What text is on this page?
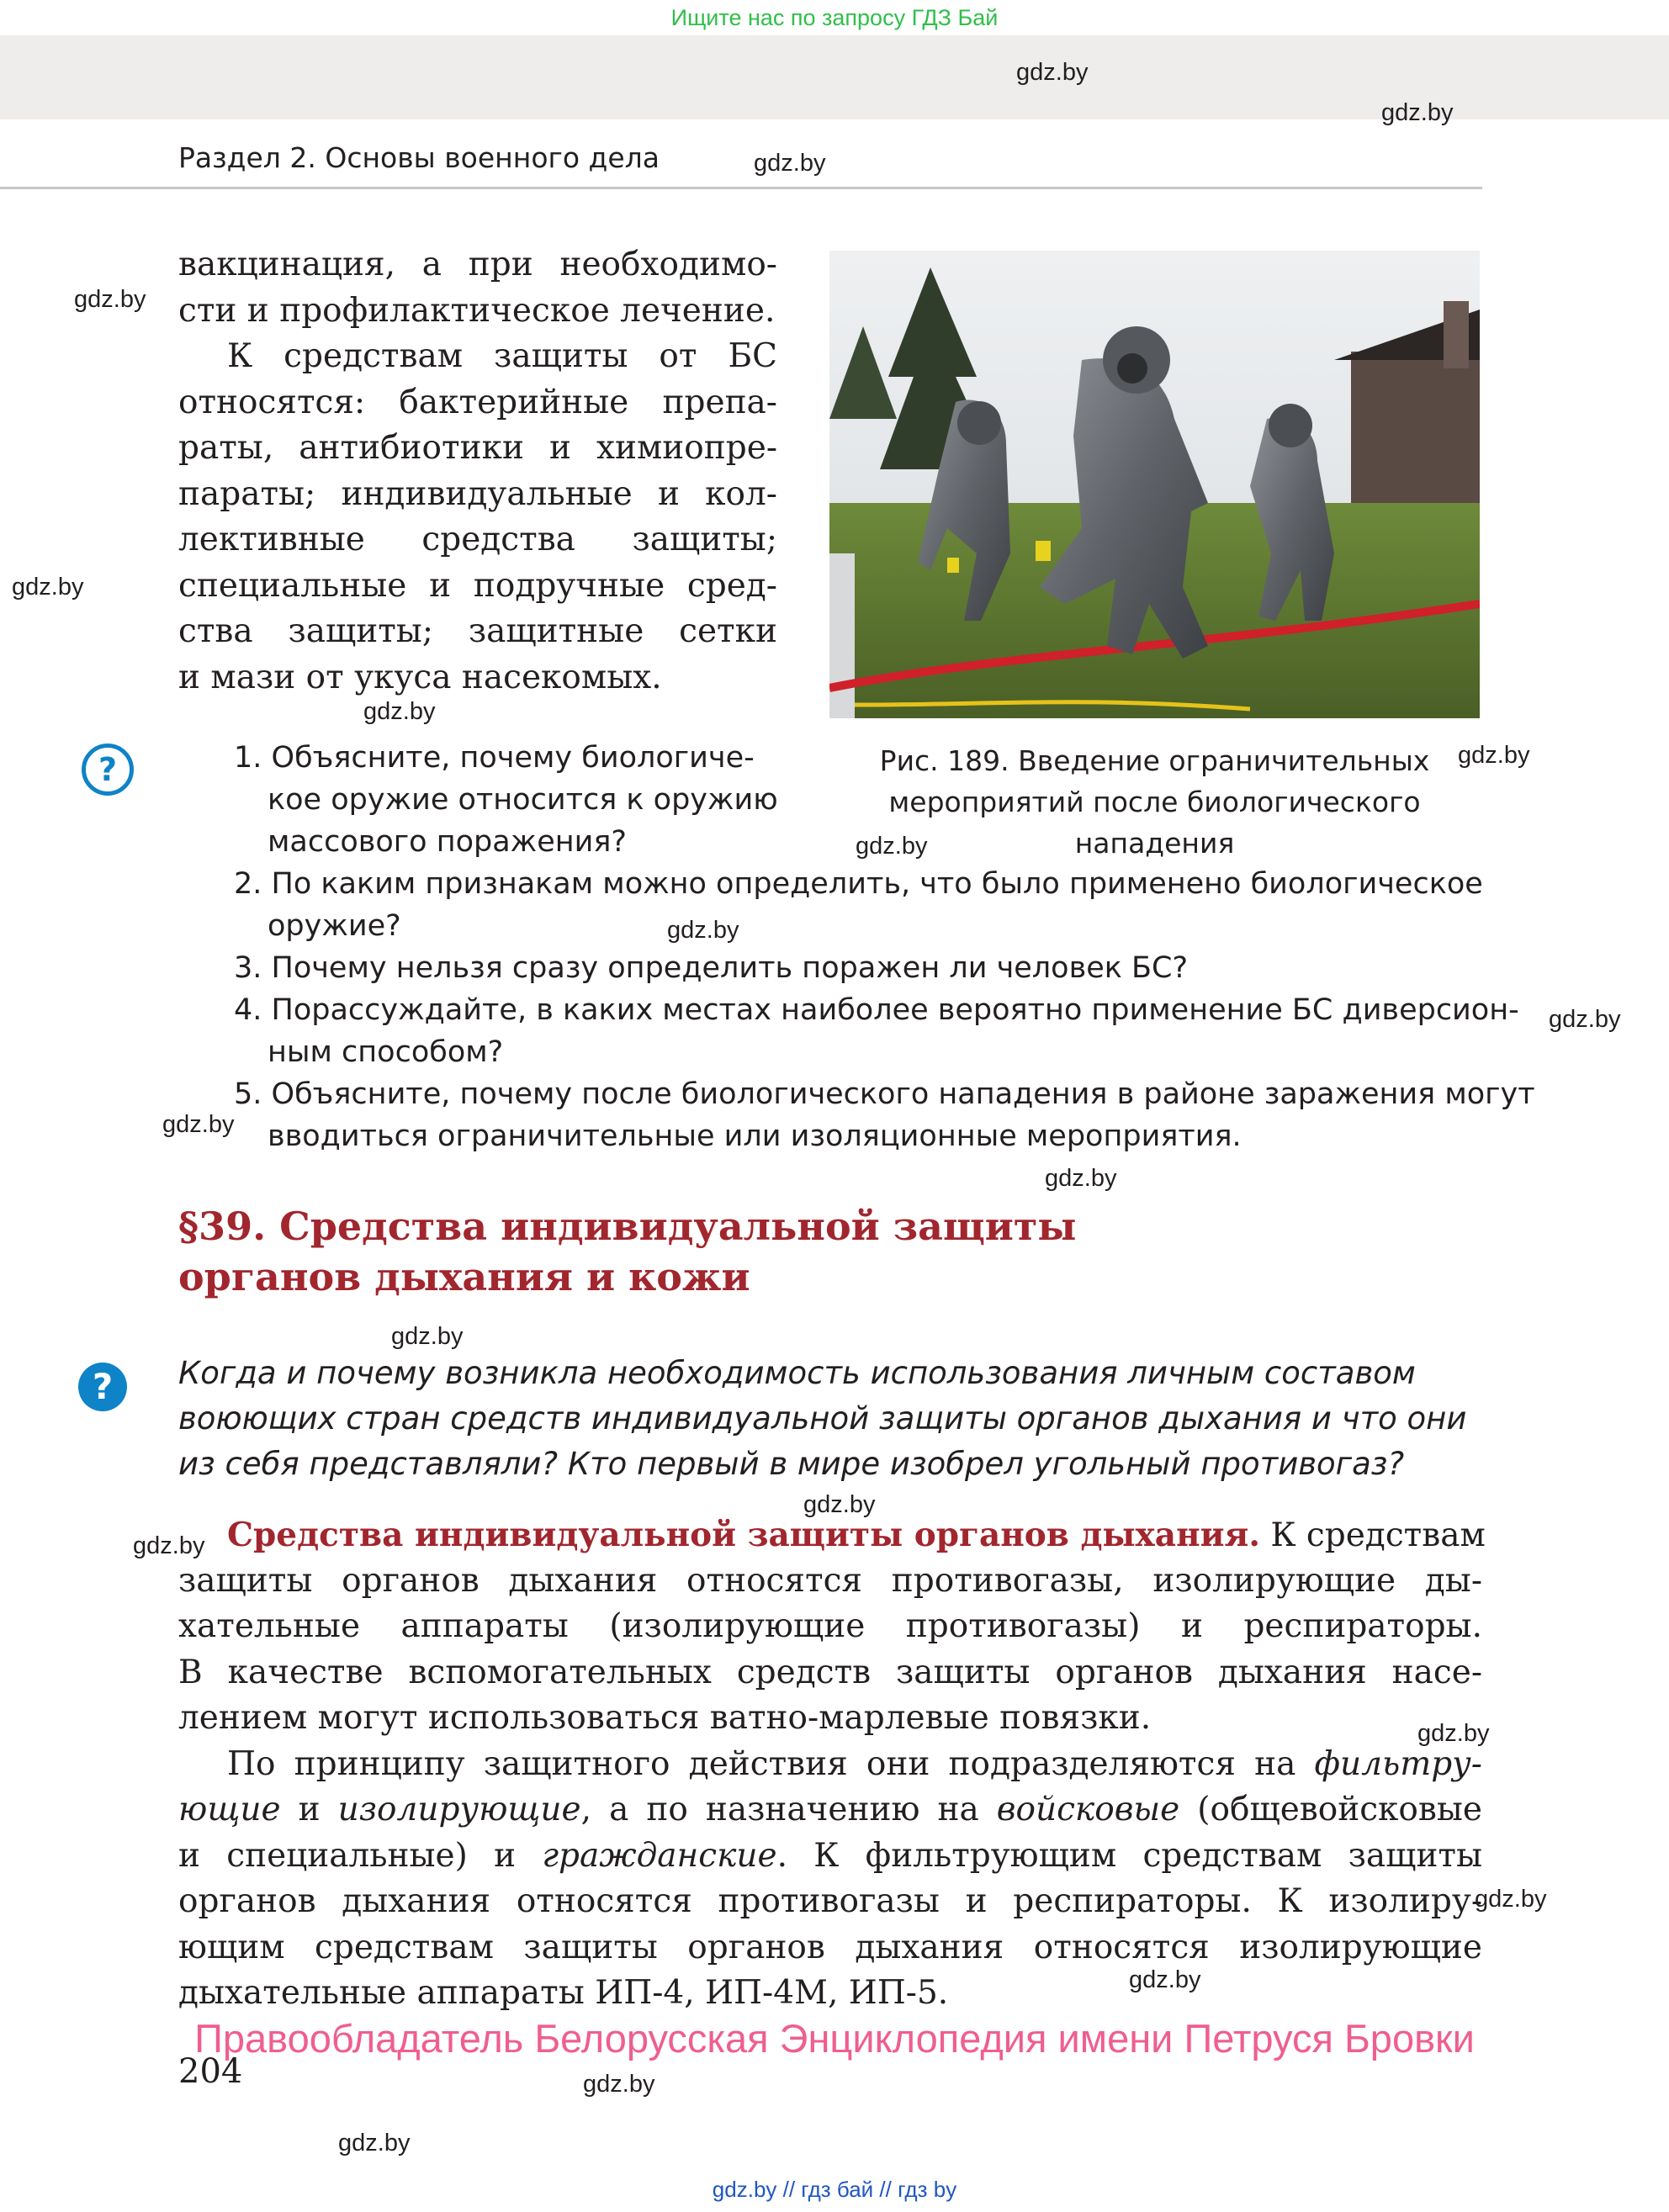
Ищите нас по запросу ГДЗ Бай
Раздел 2. Основы военного дела
gdz.by
gdz.by
gdz.by
gdz.by
gdz.by
gdz.by
gdz.by
gdz.by
gdz.by
gdz.by
gdz.by
gdz.by
gdz.by
gdz.by
gdz.by
gdz.by
gdz.by
gdz.by
gdz.by
gdz.by
вакцинация, а при необходимо-
сти и профилактическое лечение.
К средствам защиты от БС
относятся: бактерийные препа-
раты, антибиотики и химиопре-
параты; индивидуальные и кол-
лективные средства защиты;
специальные и подручные сред-
ства защиты; защитные сетки
и мази от укуса насекомых.
Рис. 189. Введение ограничительных
мероприятий после биологического нападения
?	1. Объясните, почему биологиче-
кое оружие относится к оружию
массового поражения?
2. По каким признакам можно определить, что было применено биологическое
оружие?
3. Почему нельзя сразу определить поражен ли человек БС?
4. Порассуждайте, в каких местах наиболее вероятно применение БС диверсион-
ным способом?
5. Объясните, почему после биологического нападения в районе заражения могут
вводиться ограничительные или изоляционные мероприятия.
§39. Средства индивидуальной защиты
органов дыхания и кожи
?	Когда и почему возникла необходимость использования личным составом
воюющих стран средств индивидуальной защиты органов дыхания и что они
из себя представляли? Кто первый в мире изобрел угольный противогаз?
Средства индивидуальной защиты органов дыхания. К средствам
защиты органов дыхания относятся противогазы, изолирующие ды-
хательные аппараты (изолирующие противогазы) и респираторы.
В качестве вспомогательных средств защиты органов дыхания насе-
лением могут использоваться ватно-марлевые повязки.
По принципу защитного действия они подразделяются на фильтру-
ющие и изолирующие, а по назначению на войсковые (общевойсковые
и специальные) и гражданские. К фильтрующим средствам защиты
органов дыхания относятся противогазы и респираторы. К изолиру-
ющим средствам защиты органов дыхания относятся изолирующие
дыхательные аппараты ИП-4, ИП-4М, ИП-5.
Правообладатель Белорусская Энциклопедия имени Петруся Бровки
204
gdz.by // гдз бай // гдз by
